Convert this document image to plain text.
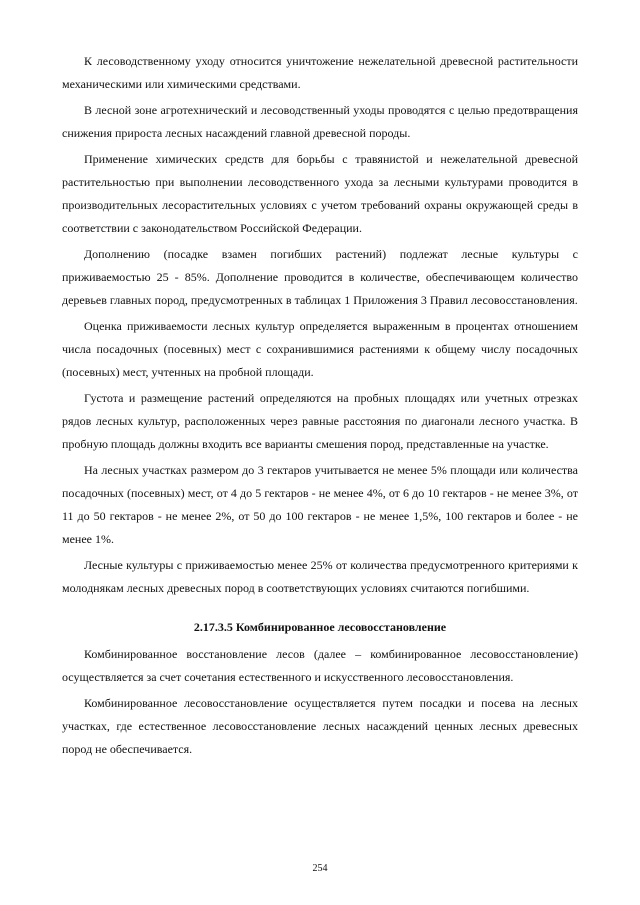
К лесоводственному уходу относится уничтожение нежелательной древесной растительности механическими или химическими средствами.

В лесной зоне агротехнический и лесоводственный уходы проводятся с целью предотвращения снижения прироста лесных насаждений главной древесной породы.

Применение химических средств для борьбы с травянистой и нежелательной древесной растительностью при выполнении лесоводственного ухода за лесными культурами проводится в производительных лесорастительных условиях с учетом требований охраны окружающей среды в соответствии с законодательством Российской Федерации.

Дополнению (посадке взамен погибших растений) подлежат лесные культуры с приживаемостью 25 - 85%. Дополнение проводится в количестве, обеспечивающем количество деревьев главных пород, предусмотренных в таблицах 1 Приложения 3 Правил лесовосстановления.

Оценка приживаемости лесных культур определяется выраженным в процентах отношением числа посадочных (посевных) мест с сохранившимися растениями к общему числу посадочных (посевных) мест, учтенных на пробной площади.

Густота и размещение растений определяются на пробных площадях или учетных отрезках рядов лесных культур, расположенных через равные расстояния по диагонали лесного участка. В пробную площадь должны входить все варианты смешения пород, представленные на участке.

На лесных участках размером до 3 гектаров учитывается не менее 5% площади или количества посадочных (посевных) мест, от 4 до 5 гектаров - не менее 4%, от 6 до 10 гектаров - не менее 3%, от 11 до 50 гектаров - не менее 2%, от 50 до 100 гектаров - не менее 1,5%, 100 гектаров и более - не менее 1%.

Лесные культуры с приживаемостью менее 25% от количества предусмотренного критериями к молоднякам лесных древесных пород в соответствующих условиях считаются погибшими.

2.17.3.5 Комбинированное лесовосстановление

Комбинированное восстановление лесов (далее – комбинированное лесовосстановление) осуществляется за счет сочетания естественного и искусственного лесовосстановления.

Комбинированное лесовосстановление осуществляется путем посадки и посева на лесных участках, где естественное лесовосстановление лесных насаждений ценных лесных древесных пород не обеспечивается.

254
